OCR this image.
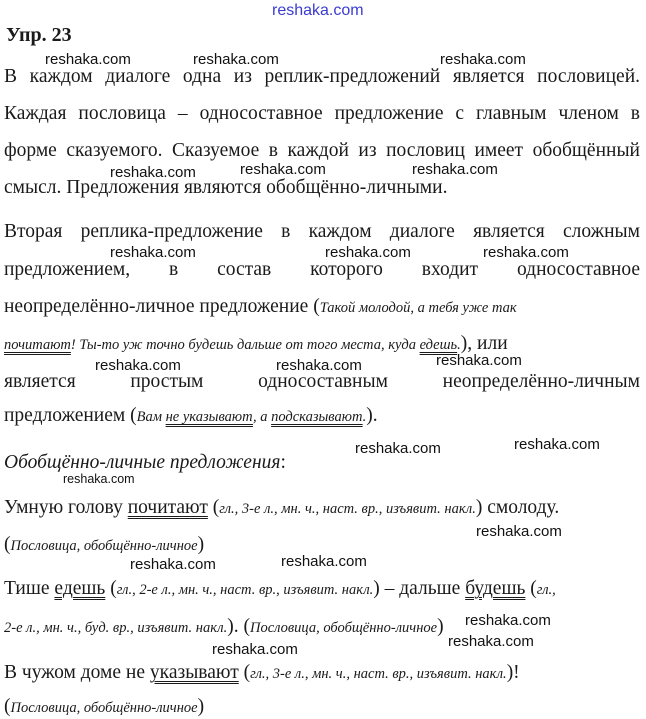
reshaka.com
Упр. 23
reshaka.com	reshaka.com	reshaka.com
reshaka.com	reshaka.com	reshaka.com
reshaka.com	reshaka.com	reshaka.com
reshaka.com	reshaka.com	reshaka.com
reshaka.com	reshaka.com
reshaka.com
reshaka.com
reshaka.com	reshaka.com
reshaka.com
reshaka.com
reshaka.com
В каждом диалоге одна из реплик-предложений является пословицей.
Каждая пословица – односоставное предложение с главным членом в
форме сказуемого. Сказуемое в каждой из пословиц имеет обобщённый
смысл. Предложения являются обобщённо-личными.
Вторая реплика-предложение в каждом диалоге является сложным
предложением, в состав которого входит односоставное
неопределённо-личное предложение (Такой молодой, а тебя уже так
почитают! Ты-то уж точно будешь дальше от того места, куда едешь.), или
является простым односоставным неопределённо-личным
предложением (Вам не указывают, а подсказывают.).
Обобщённо-личные предложения:
Умную голову почитают (гл., 3-е л., мн. ч., наст. вр., изъявит. накл.) смолоду.
(Пословица, обобщённо-личное)
Тише едешь (гл., 2-е л., мн. ч., наст. вр., изъявит. накл.) – дальше будешь (гл.,
2-е л., мн. ч., буд. вр., изъявит. накл.). (Пословица, обобщённо-личное)
В чужом доме не указывают (гл., 3-е л., мн. ч., наст. вр., изъявит. накл.)!
(Пословица, обобщённо-личное)
